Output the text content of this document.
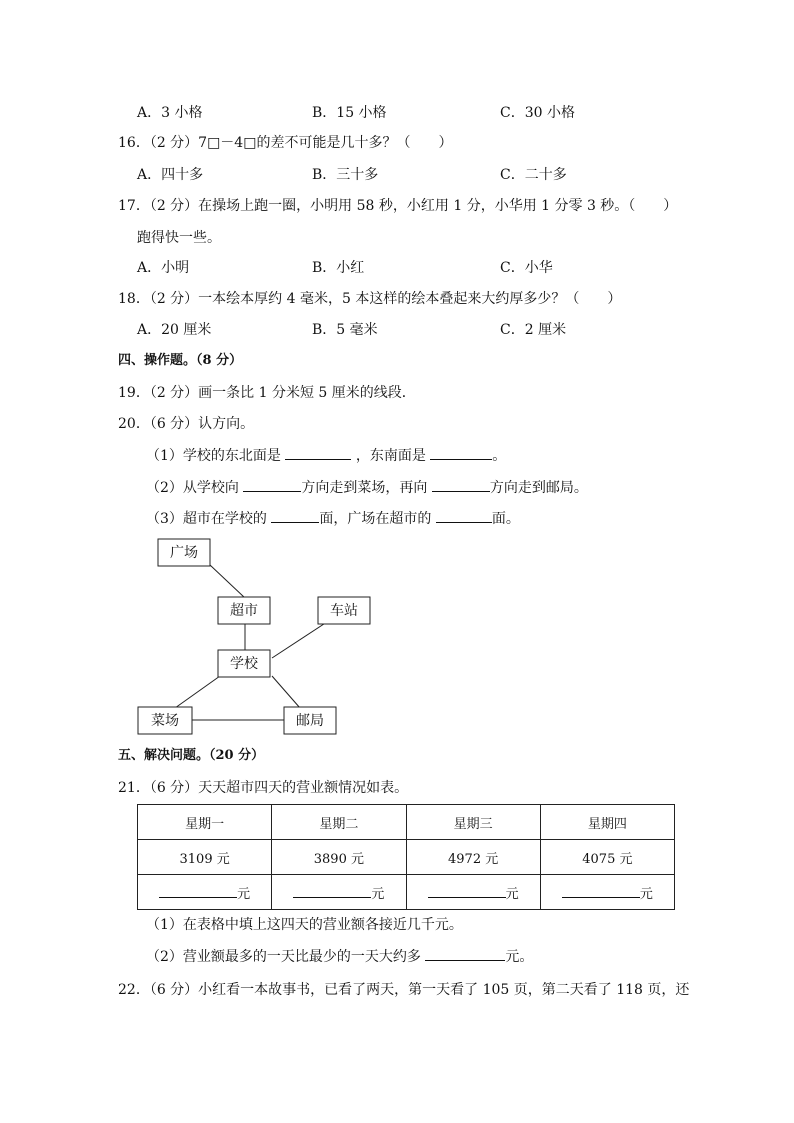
A．3 小格	B．15 小格	C．30 小格
16．（2 分）7□－4□的差不可能是几十多？（　　）
A．四十多	B．三十多	C．二十多
17．（2 分）在操场上跑一圈，小明用 58 秒，小红用 1 分，小华用 1 分零 3 秒。（　　）
跑得快一些。
A．小明	B．小红	C．小华
18．（2 分）一本绘本厚约 4 毫米，5 本这样的绘本叠起来大约厚多少？（　　）
A．20 厘米	B．5 毫米	C．2 厘米
四、操作题。（8 分）
19．（2 分）画一条比 1 分米短 5 厘米的线段．
20．（6 分）认方向。
（1）学校的东北面是	，东南面是	。
（2）从学校向	方向走到菜场，再向	方向走到邮局。
（3）超市在学校的	面，广场在超市的	面。
广场
超市	车站
学校
菜场	邮局
五、解决问题。（20 分）
21．（6 分）天天超市四天的营业额情况如表。
星期一	星期二	星期三	星期四
3109 元	3890 元	4972 元	4075 元
元	元	元	元
（1）在表格中填上这四天的营业额各接近几千元。
（2）营业额最多的一天比最少的一天大约多	元。
22．（6 分）小红看一本故事书，已看了两天，第一天看了 105 页，第二天看了 118 页，还
